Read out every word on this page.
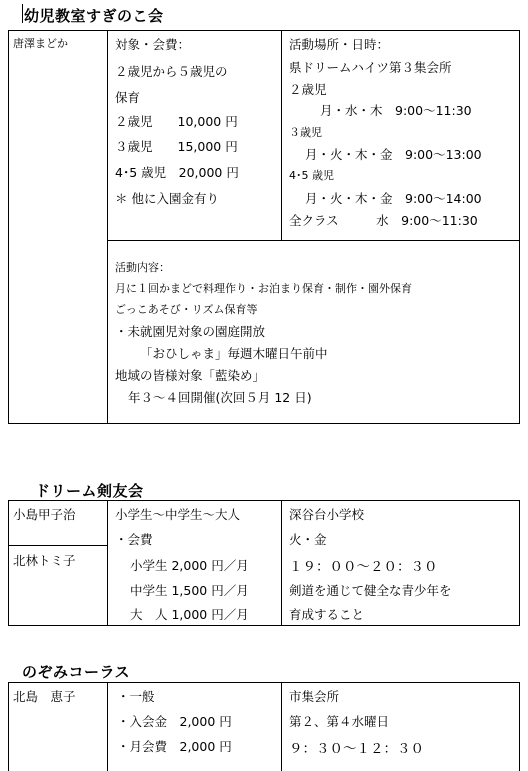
幼児教室すぎのこ会
唐澤まどか	対象・会費：
２歳児から５歳児の
保育
２歳児　　10,000 円
３歳児　　15,000 円
4･5 歳児　20,000 円
＊ 他に入園金有り
活動場所・日時：
県ドリームハイツ第３集会所
２歳児
月・水・木　9:00～11:30
３歳児
月・火・木・金　9:00～13:00
4･5 歳児
月・火・木・金　9:00～14:00
全クラス　　　水　9:00～11:30
活動内容：
月に１回かまどで料理作り・お泊まり保育・制作・園外保育
ごっこあそび・リズム保育等
・未就園児対象の園庭開放
「おひしゃま」毎週木曜日午前中
地域の皆様対象「藍染め」
年３～４回開催(次回５月 12 日)
ドリーム剣友会
小島甲子治
北林トミ子
小学生～中学生～大人
・会費
小学生 2,000 円／月
中学生 1,500 円／月
大　人 1,000 円／月
深谷台小学校
火・金
１９：００～２０：３０
剣道を通じて健全な青少年を
育成すること
のぞみコーラス
北島　恵子	・一般
・入会金　2,000 円
・月会費　2,000 円
市集会所
第２、第４水曜日
９：３０～１２：３０
